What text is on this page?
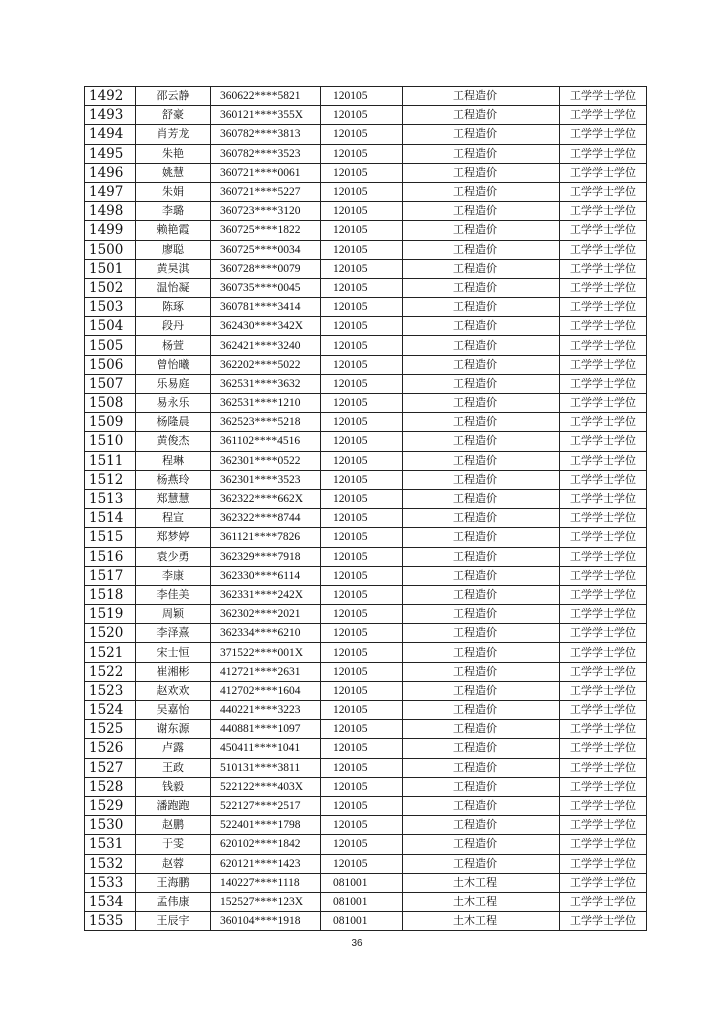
1492	邵云静	360622****5821	120105	工程造价	工学学士学位
1493	舒豪	360121****355X	120105	工程造价	工学学士学位
1494	肖芳龙	360782****3813	120105	工程造价	工学学士学位
1495	朱艳	360782****3523	120105	工程造价	工学学士学位
1496	姚慧	360721****0061	120105	工程造价	工学学士学位
1497	朱娟	360721****5227	120105	工程造价	工学学士学位
1498	李璐	360723****3120	120105	工程造价	工学学士学位
1499	赖艳霞	360725****1822	120105	工程造价	工学学士学位
1500	廖聪	360725****0034	120105	工程造价	工学学士学位
1501	黄昊淇	360728****0079	120105	工程造价	工学学士学位
1502	温怡凝	360735****0045	120105	工程造价	工学学士学位
1503	陈琢	360781****3414	120105	工程造价	工学学士学位
1504	段丹	362430****342X	120105	工程造价	工学学士学位
1505	杨萱	362421****3240	120105	工程造价	工学学士学位
1506	曾怡曦	362202****5022	120105	工程造价	工学学士学位
1507	乐易庭	362531****3632	120105	工程造价	工学学士学位
1508	易永乐	362531****1210	120105	工程造价	工学学士学位
1509	杨隆晨	362523****5218	120105	工程造价	工学学士学位
1510	黄俊杰	361102****4516	120105	工程造价	工学学士学位
1511	程琳	362301****0522	120105	工程造价	工学学士学位
1512	杨燕玲	362301****3523	120105	工程造价	工学学士学位
1513	郑慧慧	362322****662X	120105	工程造价	工学学士学位
1514	程宣	362322****8744	120105	工程造价	工学学士学位
1515	郑梦婷	361121****7826	120105	工程造价	工学学士学位
1516	袁少勇	362329****7918	120105	工程造价	工学学士学位
1517	李康	362330****6114	120105	工程造价	工学学士学位
1518	李佳美	362331****242X	120105	工程造价	工学学士学位
1519	周颖	362302****2021	120105	工程造价	工学学士学位
1520	李泽熹	362334****6210	120105	工程造价	工学学士学位
1521	宋士恒	371522****001X	120105	工程造价	工学学士学位
1522	崔湘彬	412721****2631	120105	工程造价	工学学士学位
1523	赵欢欢	412702****1604	120105	工程造价	工学学士学位
1524	吴嘉怡	440221****3223	120105	工程造价	工学学士学位
1525	谢东源	440881****1097	120105	工程造价	工学学士学位
1526	卢露	450411****1041	120105	工程造价	工学学士学位
1527	王政	510131****3811	120105	工程造价	工学学士学位
1528	钱毅	522122****403X	120105	工程造价	工学学士学位
1529	潘跑跑	522127****2517	120105	工程造价	工学学士学位
1530	赵鹏	522401****1798	120105	工程造价	工学学士学位
1531	于雯	620102****1842	120105	工程造价	工学学士学位
1532	赵蓉	620121****1423	120105	工程造价	工学学士学位
1533	王海鹏	140227****1118	081001	土木工程	工学学士学位
1534	孟伟康	152527****123X	081001	土木工程	工学学士学位
1535	王辰宇	360104****1918	081001	土木工程	工学学士学位
36
